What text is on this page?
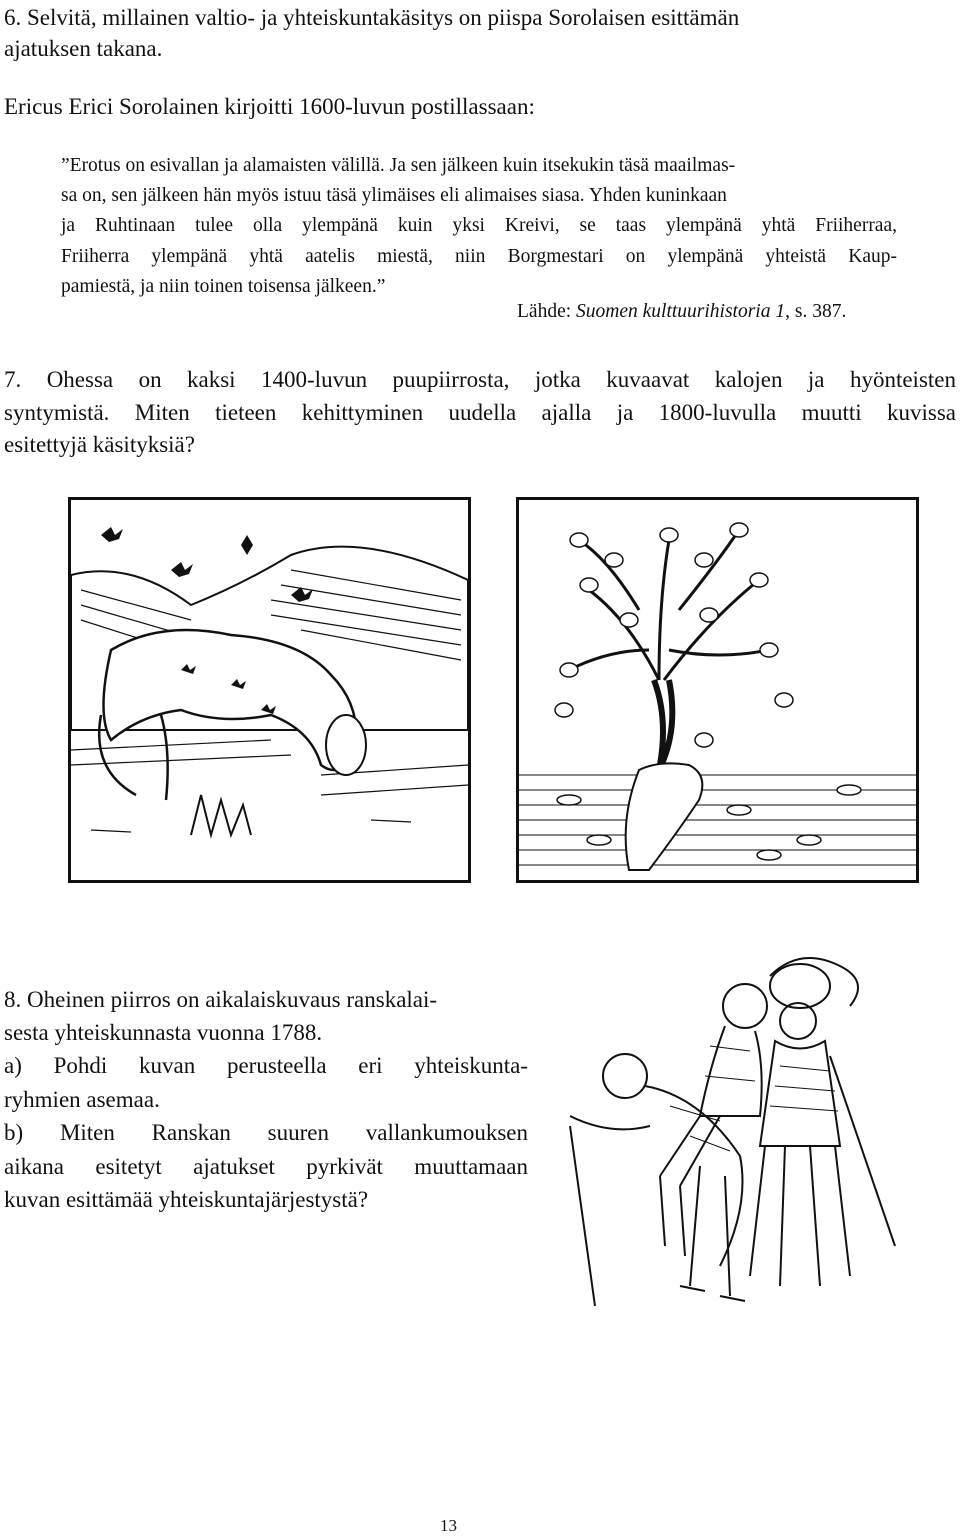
6. Selvitä, millainen valtio- ja yhteiskuntakäsitys on piispa Sorolaisen esittämän
ajatuksen takana.
Ericus Erici Sorolainen kirjoitti 1600-luvun postillassaan:
”Erotus on esivallan ja alamaisten välillä. Ja sen jälkeen kuin itsekukin täsä maailmas-
sa on, sen jälkeen hän myös istuu täsä ylimäises eli alimaises siasa. Yhden kuninkaan
ja Ruhtinaan tulee olla ylempänä kuin yksi Kreivi, se taas ylempänä yhtä Friiherraa,
Friiherra ylempänä yhtä aatelis miestä, niin Borgmestari on ylempänä yhteistä Kaup-
pamiestä, ja niin toinen toisensa jälkeen.”
Lähde: Suomen kulttuurihistoria 1, s. 387.
7. Ohessa on kaksi 1400-luvun puupiirrosta, jotka kuvaavat kalojen ja hyönteisten
syntymistä. Miten tieteen kehittyminen uudella ajalla ja 1800-luvulla muutti kuvissa
esitettyjä käsityksiä?
8. Oheinen piirros on aikalaiskuvaus ranskalai-
sesta yhteiskunnasta vuonna 1788.
a) Pohdi kuvan perusteella eri yhteiskunta-
ryhmien asemaa.
b) Miten Ranskan suuren vallankumouksen
aikana esitetyt ajatukset pyrkivät muuttamaan
kuvan esittämää yhteiskuntajärjestystä?
13
